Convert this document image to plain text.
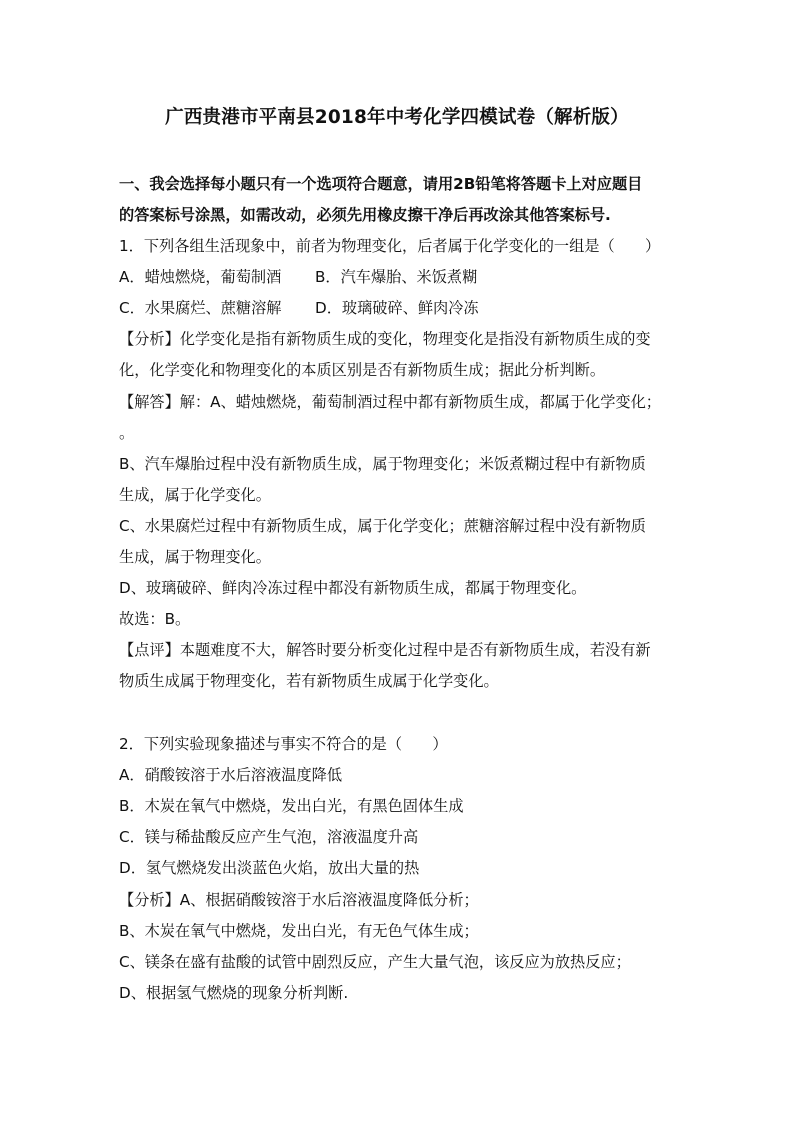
广西贵港市平南县2018年中考化学四模试卷（解析版）
一、我会选择每小题只有一个选项符合题意，请用2B铅笔将答题卡上对应题目
的答案标号涂黑，如需改动，必须先用橡皮擦干净后再改涂其他答案标号.
1．下列各组生活现象中，前者为物理变化，后者属于化学变化的一组是（　　）
A．蜡烛燃烧，葡萄制酒 B．汽车爆胎、米饭煮糊
C．水果腐烂、蔗糖溶解 D．玻璃破碎、鲜肉冷冻
【分析】化学变化是指有新物质生成的变化，物理变化是指没有新物质生成的变
化，化学变化和物理变化的本质区别是否有新物质生成；据此分析判断。
【解答】解：A、蜡烛燃烧，葡萄制酒过程中都有新物质生成，都属于化学变化；
。
B、汽车爆胎过程中没有新物质生成，属于物理变化；米饭煮糊过程中有新物质
生成，属于化学变化。
C、水果腐烂过程中有新物质生成，属于化学变化；蔗糖溶解过程中没有新物质
生成，属于物理变化。
D、玻璃破碎、鲜肉冷冻过程中都没有新物质生成，都属于物理变化。
故选：B。
【点评】本题难度不大，解答时要分析变化过程中是否有新物质生成，若没有新
物质生成属于物理变化，若有新物质生成属于化学变化。
2．下列实验现象描述与事实不符合的是（　　）
A．硝酸铵溶于水后溶液温度降低
B．木炭在氧气中燃烧，发出白光，有黑色固体生成
C．镁与稀盐酸反应产生气泡，溶液温度升高
D．氢气燃烧发出淡蓝色火焰，放出大量的热
【分析】A、根据硝酸铵溶于水后溶液温度降低分析；
B、木炭在氧气中燃烧，发出白光，有无色气体生成；
C、镁条在盛有盐酸的试管中剧烈反应，产生大量气泡，该反应为放热反应；
D、根据氢气燃烧的现象分析判断.
